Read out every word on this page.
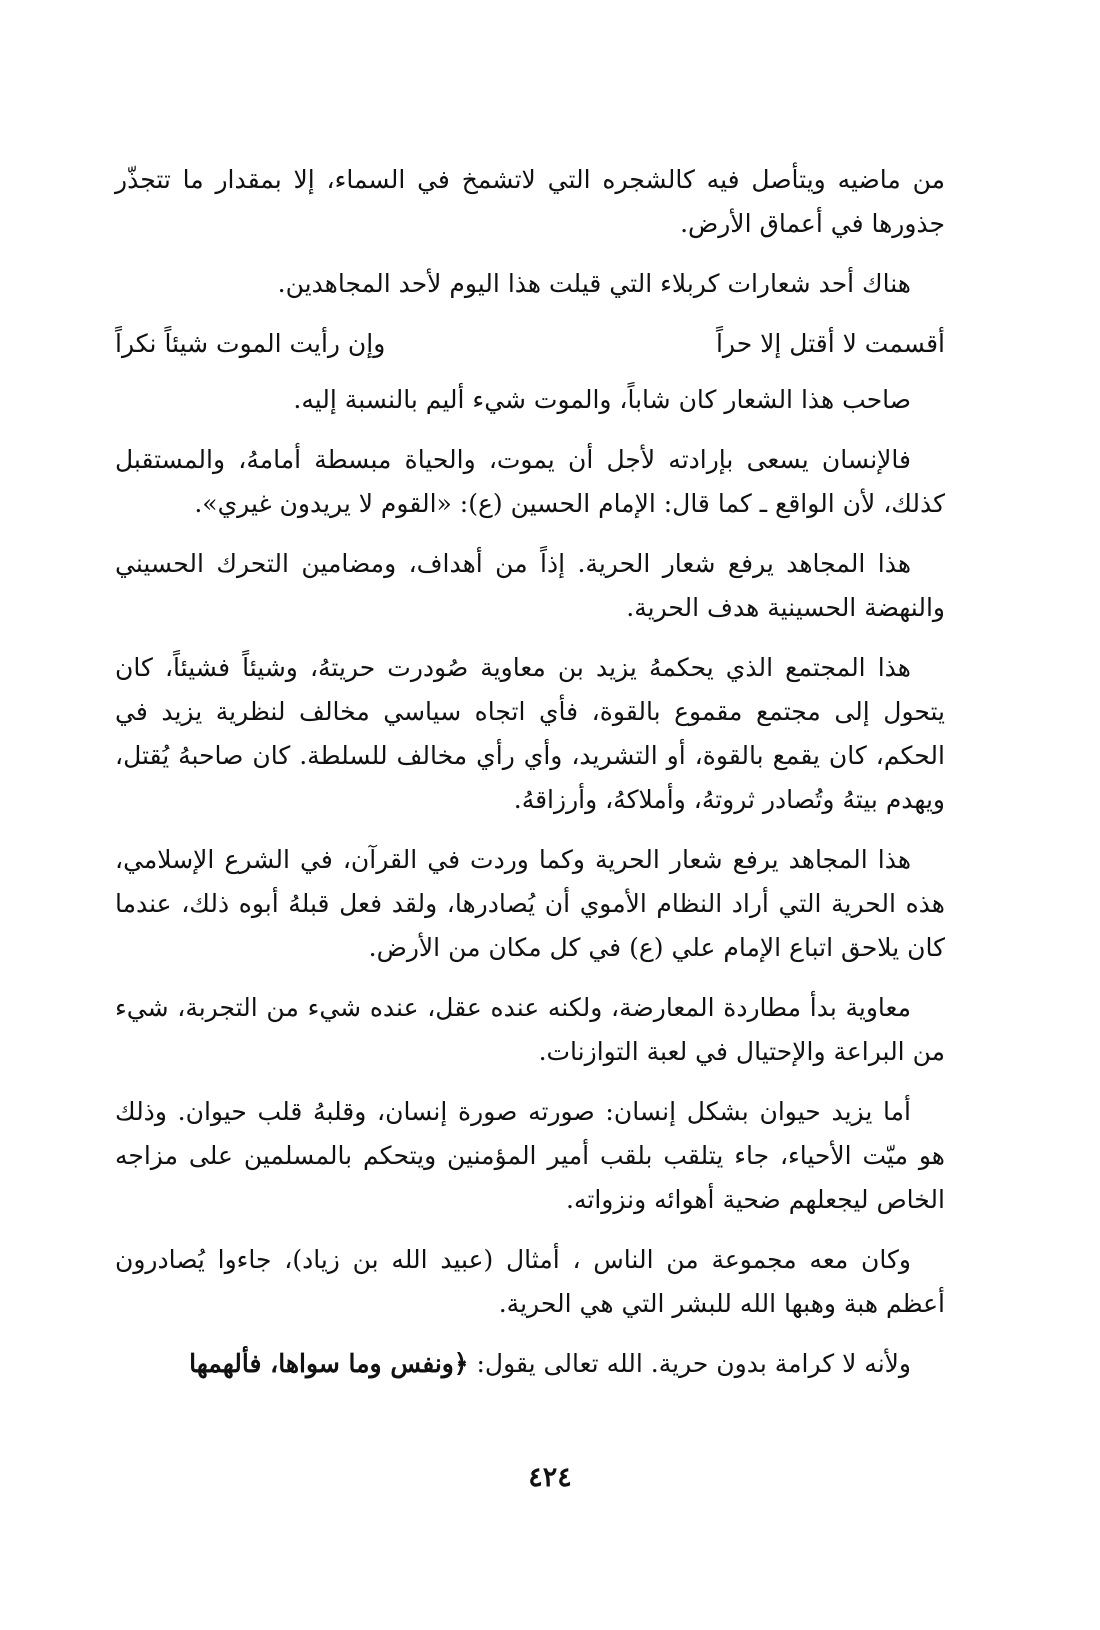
من ماضيه ويتأصل فيه كالشجره التي لاتشمخ في السماء، إلا بمقدار ما تتجذّر جذورها في أعماق الأرض.

هناك أحد شعارات كربلاء التي قيلت هذا اليوم لأحد المجاهدين.

أقسمت لا أقتل إلا حراً
وإن رأيت الموت شيئاً نكراً

صاحب هذا الشعار كان شاباً، والموت شيء أليم بالنسبة إليه.

فالإنسان يسعى بإرادته لأجل أن يموت، والحياة مبسطة أمامهُ، والمستقبل كذلك، لأن الواقع ـ كما قال: الإمام الحسين (ع): «القوم لا يريدون غيري».

هذا المجاهد يرفع شعار الحرية. إذاً من أهداف، ومضامين التحرك الحسيني والنهضة الحسينية هدف الحرية.

هذا المجتمع الذي يحكمهُ يزيد بن معاوية صُودرت حريتهُ، وشيئاً فشيئاً، كان يتحول إلى مجتمع مقموع بالقوة، فأي اتجاه سياسي مخالف لنظرية يزيد في الحكم، كان يقمع بالقوة، أو التشريد، وأي رأي مخالف للسلطة. كان صاحبهُ يُقتل، ويهدم بيتهُ وتُصادر ثروتهُ، وأملاكهُ، وأرزاقهُ.

هذا المجاهد يرفع شعار الحرية وكما وردت في القرآن، في الشرع الإسلامي، هذه الحرية التي أراد النظام الأموي أن يُصادرها، ولقد فعل قبلهُ أبوه ذلك، عندما كان يلاحق اتباع الإمام علي (ع) في كل مكان من الأرض.

معاوية بدأ مطاردة المعارضة، ولكنه عنده عقل، عنده شيء من التجربة، شيء من البراعة والإحتيال في لعبة التوازنات.

أما يزيد حيوان بشكل إنسان: صورته صورة إنسان، وقلبهُ قلب حيوان. وذلك هو ميّت الأحياء، جاء يتلقب بلقب أمير المؤمنين ويتحكم بالمسلمين على مزاجه الخاص ليجعلهم ضحية أهوائه ونزواته.

وكان معه مجموعة من الناس ، أمثال (عبيد الله بن زياد)، جاءوا يُصادرون أعظم هبة وهبها الله للبشر التي هي الحرية.

ولأنه لا كرامة بدون حرية. الله تعالى يقول: ﴿ونفس وما سواها، فألهمها

٤٢٤
